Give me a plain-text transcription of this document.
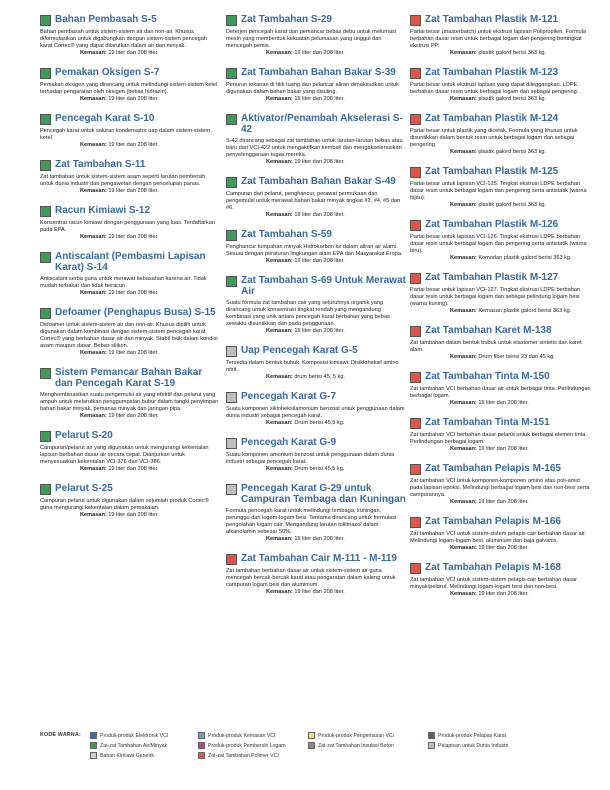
Bahan Pembasah S-5
Bahan pembasah untuk sistem-sistem air dan non-air. Khusus diformulasikan untuk digabungkan dengan sistem-sistem pencegah karat Cortec® yang dapat dilarutkan dalam air dan minyak.
Kemasan: 19 liter dan 208 liter.
Pemakan Oksigen S-7
Pemakan oksigen yang dirancang untuk melindungi sistem-sistem ketel terhadap pengaratan oleh oksigen (bebas hidrazin).
Kemasan: 19 liter dan 208 liter.
Pencegah Karat S-10
Pencegah karat untuk saluran kondensator uap dalam sistem-sistem ketel.
Kemasan: 19 liter dan 208 liter.
Zat Tambahan S-11
Zat tambahan untuk sistem-sistem asam seperti larutan pembersih untuk dunia industri dan pengawetan dengan pencelupan panas.
Kemasan: 19 liter dan 208 liter.
Racun Kimiawi S-12
Konsentrat racun kimiawi dengan penggunaan yang luas. Terdaftarkan pada EPA.
Kemasan: 19 liter dan 208 liter.
Antiscalant (Pembasmi Lapisan Karat) S-14
Antiscalant serba guna untuk merawat kebasahan karena air. Tidak mudah terbakar dan tidak beracun.
Kemasan: 19 liter dan 208 liter.
Defoamer (Penghapus Busa) S-15
Defoamer untuk sistem-sistem air dan non-air. Khusus dipilih untuk digunakan dalam kombinasi dengan sistem-sistem pencegah karat Cortec® yang berbahan dasar air dan minyak. Stabil baik dalam kondisi asam maupun dasar. Bebas silikon.
Kemasan: 19 liter dan 208 liter.
Sistem Pemancar Bahan Bakar dan Pencegah Karat S-19
Menghombinasikan suatu pengemulsi air yang efektif dan pelarut yang ampuh untuk melarutkan penggumpalan bubur dalam tangki penyimpan bahan bakar minyak, pemanas minyak dan jaringan pipa.
Kemasan: 19 liter dan 208 liter.
Pelarut S-20
Campuran/pelarut air yang digunakan untuk mengurangi kekentalan lapisan berbahan dasar air secara cepat. Dianjurkan untuk menyesuaikan kekentalan VCI-376 dan VCI-386.
Kemasan: 19 liter dan 208 liter.
Pelarut S-25
Campuran pelarut untuk digunakan dalam sejumlah produk Cortec® guna mengurangi kekentalan dalam pemakaian.
Kemasan: 19 liter dan 208 liter.
Zat Tambahan S-29
Deterjen pencegah karat dan pemancar bebas debu untuk melumasi mesin yang membentuk kekuatan pelumasan yang unggul dan mencegah pemis.
Kemasan: 19 liter dan 208 liter.
Zat Tambahan Bahan Bakar S-39
Penurun tekanan di titik tuang dan pelancar aliran dimaksudkan untuk digunakan dalam bahan bakar yang disuling.
Kemasan: 19 liter dan 208 liter.
Aktivator/Penambah Akselerasi S-42
S-42 dirancang sebagai zat tambahan untuk larutan-larutan bebas atau baru dari VCI-422 untuk mengaktifkan kembali dan mengakselerasikan penyelenggaraan tugas mereka.
Kemasan: 19 liter dan 208 liter.
Zat Tambahan Bahan Bakar S-49
Campuran dari pelarut, penghancur, perawat permukaan dan pengemulsi untuk merawat bahan bakar minyak tingkat #2, #4, #5 dan #6.
Kemasan: 19 liter dan 208 liter.
Zat Tambahan S-59
Penghancur tumpahan minyak Hidrokarbon ke dalam aliran air alami. Sesuai dengan peraturan lingkungan alam EPA dan Masyarakat Eropa.
Kemasan: 19 liter dan 208 liter.
Zat Tambahan S-69 Untuk Merawat Air
Suatu formula zat tambahan cair yang seluruhnya organik yang dirancang untuk konsentrasi tingkat rendah yang mengandung kombinasi yang unik antara pencegah karat berbahan yang bebas sewaktu disuntikkan dan pada penggunaan.
Kemasan: 19 liter dan 208 liter.
Uap Pencegah Karat G-5
Tersedia dalam bentuk bubuk. Komposisi kimiawi: Disikloheksil amino nitrit.
Kemasan: drum berisi 45, 5 kg.
Pencegah Karat G-7
Suatu komponen sikloheksilamonium benzoat untuk penggunaan dalam dunia industri sebagai pencegah karat.
Kemasan: Drum berisi 45,5 kg.
Pencegah Karat G-9
Suatu komponen amonium benzoat untuk penggunaan dalam dunia industri sebagai pencegah karat.
Kemasan: Drum berisi 45,5 kg.
Pencegah Karat G-29 untuk Campuran Tembaga dan Kuningan
Formula pencegah karat untuk melindungi tembaga, kuningan, perunggu dan logam-logam besi. Tentama dirancang untuk formulasi pengolahan logam cair. Mengandung larutan toliltriazol dalam alkanolamin sebesar 50%.
Kemasan: 19 liter dan 208 liter.
Zat Tambahan Cair M-111 - M-119
Zat tambahan berbahan dasar air untuk sistem-sistem air guna mencegah bercak-bercak karat atau pengaratan dalam kaleng untuk campuran logam besi dan aluminium.
Kemasan: 19 liter dan 208 liter.
Zat Tambahan Plastik M-121
Partai besar (masterbatch) untuk ekstrusi lapisan Polipropilen. Formula berbahan dasar resin untuk berbagai logam dan pengering bertingkat ekstrusi PP.
Kemasan: plastik galord berisi 363 kg.
Zat Tambahan Plastik M-123
Partai besar untuk ekstrusi lapisan yang dapat dileggangkan. LDPE berbahan dasar resin untuk berbagai logam dan sebagai pengering.
Kemasan: plastik galord berisi 363 kg.
Zat Tambahan Plastik M-124
Partai besar untuk plastik yang dicetak. Formula yang khusus untuk disuntikkan dalam bentuk resin untuk berbagai logam dan sebagai pengering.
Kemasan: plastik galord berisi 363 kg.
Zat Tambahan Plastik M-125
Partai besar untuk lapisan VCI-125. Tingkat ekstrusi LDPE berbahan dasar resin untuk berbagai logam dan pengering serta antistatik (warna hijau).
Kemasan: plastik galord berisi 363 kg.
Zat Tambahan Plastik M-126
Partai besar untuk lapisan VCI-126. Tingkat ekstrusi LDPE berbahan dasar resin untuk berbagai logam dan pengering serta antistatik (warna biru).
Kemasan: Komodan plastik galord berisi 363 kg.
Zat Tambahan Plastik M-127
Partai besar untuk lapisan VCI-127. Tingkat ekstrusi LDPE berbahan dasar resin untuk berbagai logam dan sebagai pelindung logam besi (warna kuning).
Kemasan: Kemasan plastik galord berisi 363 kg.
Zat Tambahan Karet M-138
Zat tambahan dalam bentuk bubuk untuk elastomer sintetis dan karet alam.
Kemasan: Drum fiber berisi 23 dan 45 kg.
Zat Tambahan Tinta M-150
Zat tambahan VCI berbahan dasar air untuk berbagai tinta. Perlindungan berbagai logam.
Kemasan: 19 liter dan 208 liter.
Zat Tambahan Tinta M-151
Zat tambahan VCI berbahan dasar pelarut untuk berbagai elemen tinta. Perlindungan berbagai logam.
Kemasan: 19 liter dan 208 liter.
Zat Tambahan Pelapis M-165
Zat tambahan VCI untuk komponen-komponen amino atau poli-amid pada lapisan epoksi. Melindungi berbagai logam besi dan non-besi serta campurannya.
Kemasan: 19 liter dan 208 liter.
Zat Tambahan Pelapis M-166
Zat tambahan VCI untuk sistem-sistem pelapis cair berbahan dasar air. Melindungi logam-logam besi, aluminium dan baja galvanis.
Kemasan: 19 liter dan 208 liter.
Zat Tambahan Pelapis M-168
Zat tambahan VCI untuk sistem-sistem pelapis cair berbahan dasar minyak/pelarut. Melindungi logam-logam besi dan non-besi.
Kemasan: 19 liter dan 208 liter.
KODE WARNA:	Produk-produk Elektronik VCI
Zat-zat Tambahan Air/Minyak
Bahan Kimiawi Generik
Produk-produk Kemasan VCI
Produk-produk Pembersih Logam
Zat-zat Tambahan Polimer VCI
Produk-produk Pengemasan VCi
Zat-zat Tambahan Insulasi Beton
Produk-produk Pelapas Karat
Pelapisan untuk Dunia Industri
